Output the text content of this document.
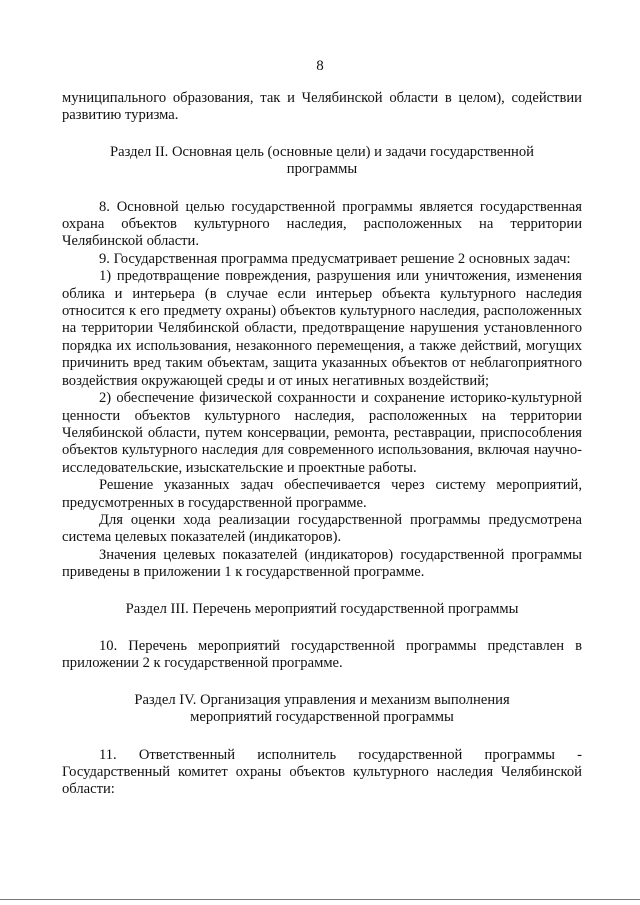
8

муниципального образования, так и Челябинской области в целом), содействии развитию туризма.

Раздел II. Основная цель (основные цели) и задачи государственной программы

8. Основной целью государственной программы является государственная охрана объектов культурного наследия, расположенных на территории Челябинской области.

9. Государственная программа предусматривает решение 2 основных задач:

1) предотвращение повреждения, разрушения или уничтожения, изменения облика и интерьера (в случае если интерьер объекта культурного наследия относится к его предмету охраны) объектов культурного наследия, расположенных на территории Челябинской области, предотвращение нарушения установленного порядка их использования, незаконного перемещения, а также действий, могущих причинить вред таким объектам, защита указанных объектов от неблагоприятного воздействия окружающей среды и от иных негативных воздействий;

2) обеспечение физической сохранности и сохранение историко-культурной ценности объектов культурного наследия, расположенных на территории Челябинской области, путем консервации, ремонта, реставрации, приспособления объектов культурного наследия для современного использования, включая научно-исследовательские, изыскательские и проектные работы.

Решение указанных задач обеспечивается через систему мероприятий, предусмотренных в государственной программе.

Для оценки хода реализации государственной программы предусмотрена система целевых показателей (индикаторов).

Значения целевых показателей (индикаторов) государственной программы приведены в приложении 1 к государственной программе.

Раздел III. Перечень мероприятий государственной программы

10. Перечень мероприятий государственной программы представлен в приложении 2 к государственной программе.

Раздел IV. Организация управления и механизм выполнения мероприятий государственной программы

11. Ответственный исполнитель государственной программы - Государственный комитет охраны объектов культурного наследия Челябинской области:
